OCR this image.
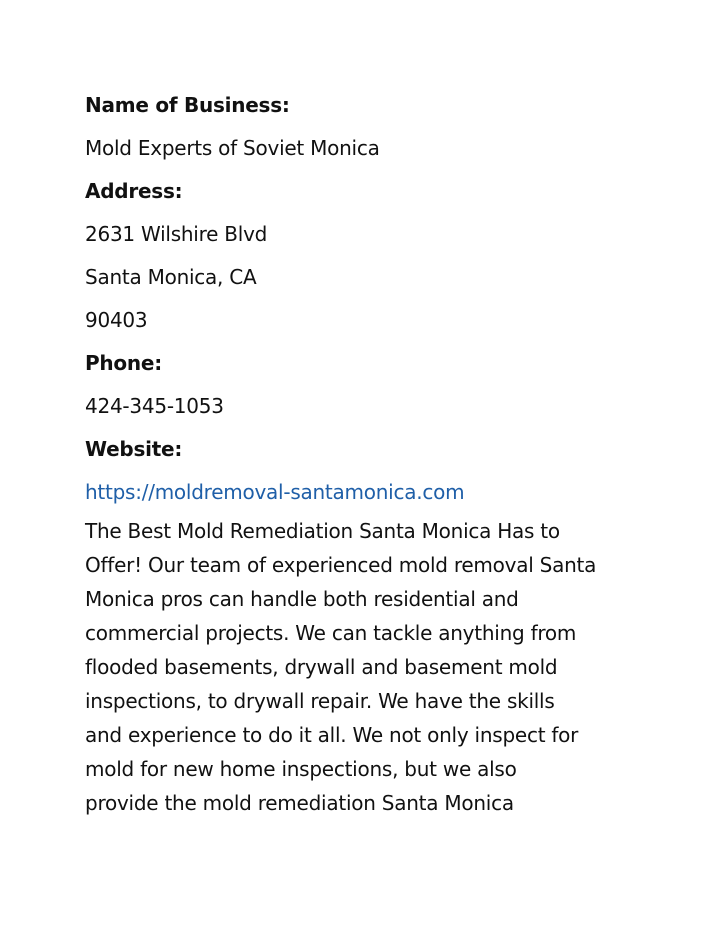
Name of Business:
Mold Experts of Soviet Monica
Address:
2631 Wilshire Blvd
Santa Monica, CA
90403
Phone:
424-345-1053
Website:
https://moldremoval-santamonica.com
The Best Mold Remediation Santa Monica Has to
Offer! Our team of experienced mold removal Santa
Monica pros can handle both residential and
commercial projects. We can tackle anything from
flooded basements, drywall and basement mold
inspections, to drywall repair. We have the skills
and experience to do it all. We not only inspect for
mold for new home inspections, but we also
provide the mold remediation Santa Monica
